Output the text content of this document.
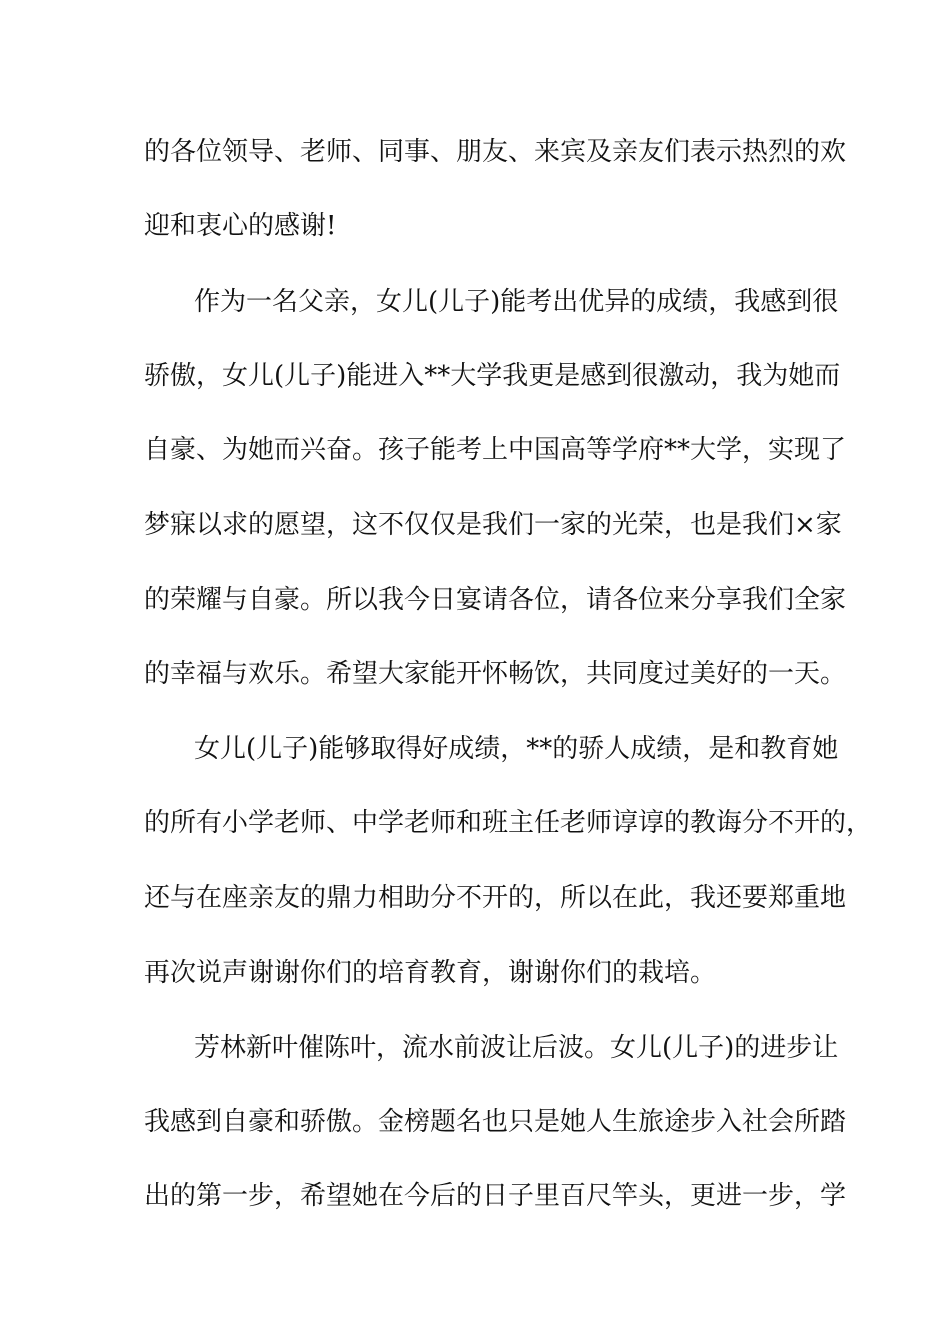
的各位领导、老师、同事、朋友、来宾及亲友们表示热烈的欢
迎和衷心的感谢!
作为一名父亲，女儿(儿子)能考出优异的成绩，我感到很
骄傲，女儿(儿子)能进入**大学我更是感到很激动，我为她而
自豪、为她而兴奋。孩子能考上中国高等学府**大学，实现了
梦寐以求的愿望，这不仅仅是我们一家的光荣，也是我们×家
的荣耀与自豪。所以我今日宴请各位，请各位来分享我们全家
的幸福与欢乐。希望大家能开怀畅饮，共同度过美好的一天。
女儿(儿子)能够取得好成绩，**的骄人成绩，是和教育她
的所有小学老师、中学老师和班主任老师谆谆的教诲分不开的，
还与在座亲友的鼎力相助分不开的，所以在此，我还要郑重地
再次说声谢谢你们的培育教育，谢谢你们的栽培。
芳林新叶催陈叶，流水前波让后波。女儿(儿子)的进步让
我感到自豪和骄傲。金榜题名也只是她人生旅途步入社会所踏
出的第一步，希望她在今后的日子里百尺竿头，更进一步，学
